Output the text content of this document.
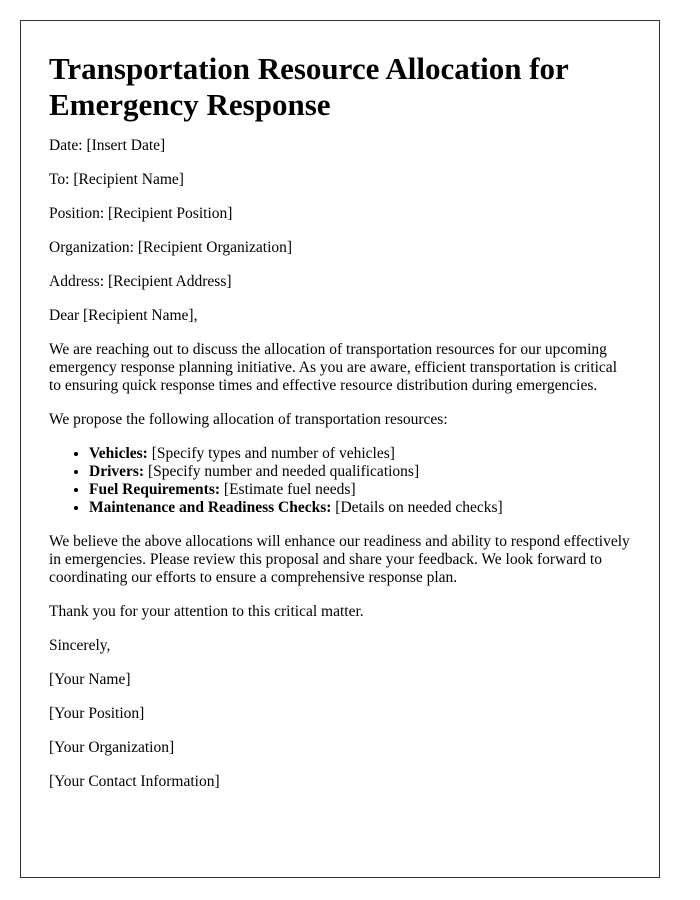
Transportation Resource Allocation for Emergency Response

Date: [Insert Date]

To: [Recipient Name]

Position: [Recipient Position]

Organization: [Recipient Organization]

Address: [Recipient Address]

Dear [Recipient Name],

We are reaching out to discuss the allocation of transportation resources for our upcoming emergency response planning initiative. As you are aware, efficient transportation is critical to ensuring quick response times and effective resource distribution during emergencies.

We propose the following allocation of transportation resources:

• Vehicles: [Specify types and number of vehicles]
• Drivers: [Specify number and needed qualifications]
• Fuel Requirements: [Estimate fuel needs]
• Maintenance and Readiness Checks: [Details on needed checks]

We believe the above allocations will enhance our readiness and ability to respond effectively in emergencies. Please review this proposal and share your feedback. We look forward to coordinating our efforts to ensure a comprehensive response plan.

Thank you for your attention to this critical matter.

Sincerely,

[Your Name]

[Your Position]

[Your Organization]

[Your Contact Information]
